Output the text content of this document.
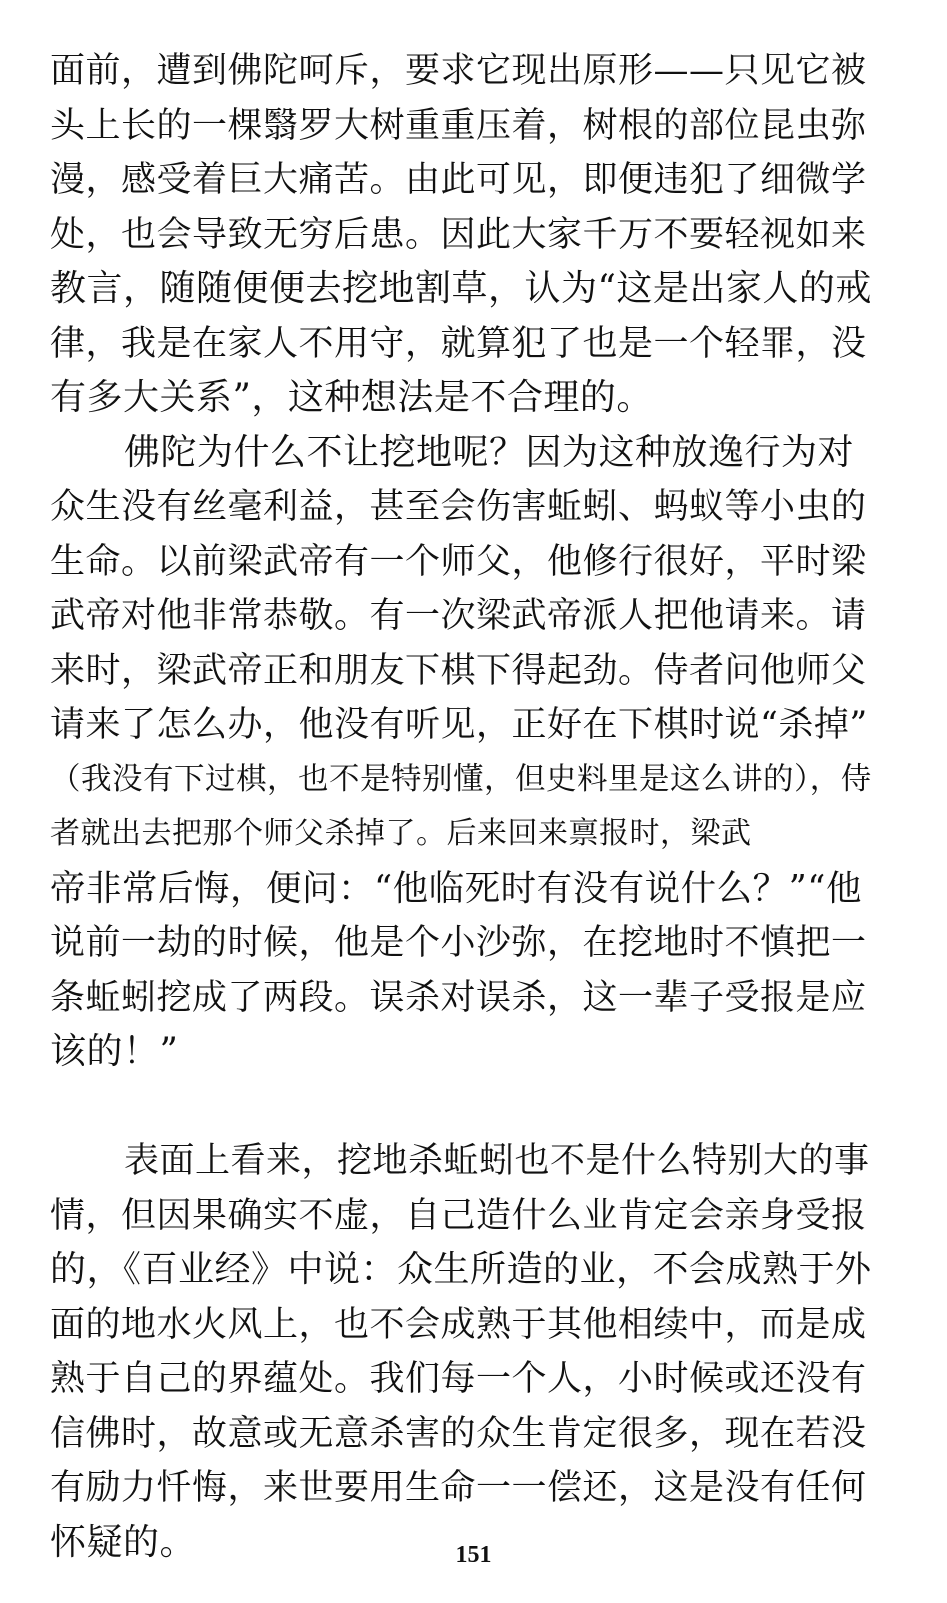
面前，遭到佛陀呵斥，要求它现出原形——只见它被
头上长的一棵翳罗大树重重压着，树根的部位昆虫弥
漫，感受着巨大痛苦。由此可见，即便违犯了细微学
处，也会导致无穷后患。因此大家千万不要轻视如来
教言，随随便便去挖地割草，认为“这是出家人的戒
律，我是在家人不用守，就算犯了也是一个轻罪，没
有多大关系”，这种想法是不合理的。
佛陀为什么不让挖地呢？因为这种放逸行为对
众生没有丝毫利益，甚至会伤害蚯蚓、蚂蚁等小虫的
生命。以前梁武帝有一个师父，他修行很好，平时梁
武帝对他非常恭敬。有一次梁武帝派人把他请来。请
来时，梁武帝正和朋友下棋下得起劲。侍者问他师父
请来了怎么办，他没有听见，正好在下棋时说“杀掉”
（我没有下过棋，也不是特别懂，但史料里是这么讲的），侍
者就出去把那个师父杀掉了。后来回来禀报时，梁武
帝非常后悔，便问：“他临死时有没有说什么？”“他
说前一劫的时候，他是个小沙弥，在挖地时不慎把一
条蚯蚓挖成了两段。误杀对误杀，这一辈子受报是应
该的！”
表面上看来，挖地杀蚯蚓也不是什么特别大的事
情，但因果确实不虚，自己造什么业肯定会亲身受报
的，《百业经》中说：众生所造的业，不会成熟于外
面的地水火风上，也不会成熟于其他相续中，而是成
熟于自己的界蕴处。我们每一个人，小时候或还没有
信佛时，故意或无意杀害的众生肯定很多，现在若没
有励力忏悔，来世要用生命一一偿还，这是没有任何
怀疑的。	151
